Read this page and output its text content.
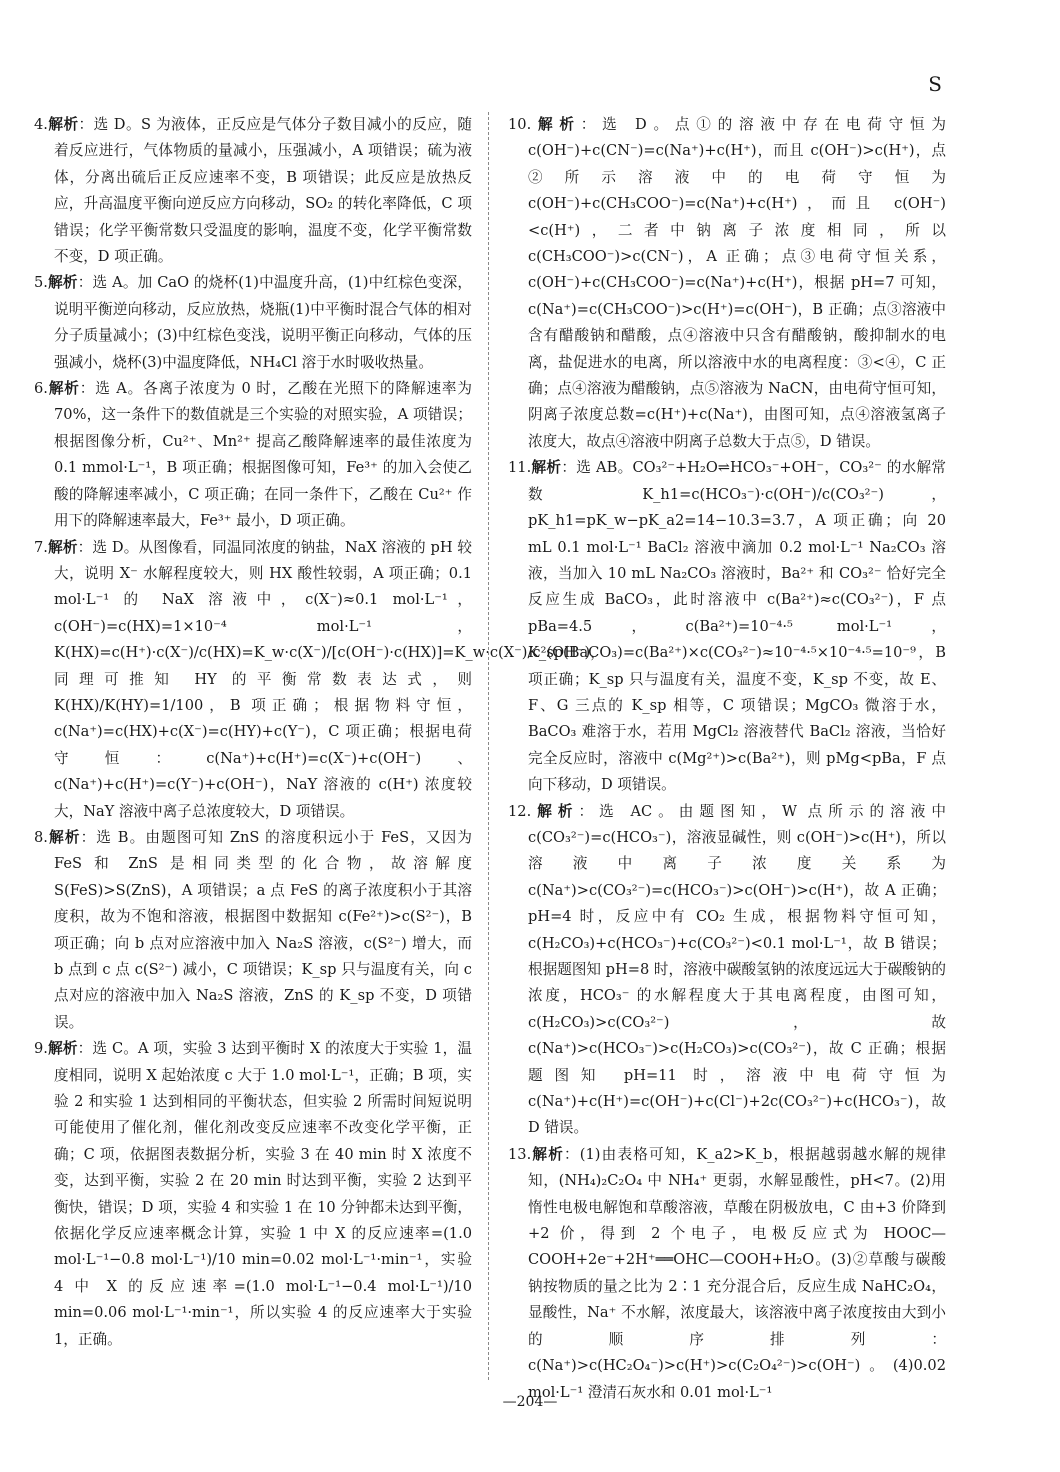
S

4.解析：选 D。S 为液体，正反应是气体分子数目减小的反应，随着反应进行，气体物质的量减小，压强减小，A 项错误；硫为液体，分离出硫后正反应速率不变，B 项错误；此反应是放热反应，升高温度平衡向逆反应方向移动，SO₂ 的转化率降低，C 项错误；化学平衡常数只受温度的影响，温度不变，化学平衡常数不变，D 项正确。

5.解析：选 A。加 CaO 的烧杯(1)中温度升高，(1)中红棕色变深，说明平衡逆向移动，反应放热，烧瓶(1)中平衡时混合气体的相对分子质量减小；(3)中红棕色变浅，说明平衡正向移动，气体的压强减小，烧杯(3)中温度降低，NH₄Cl 溶于水时吸收热量。

6.解析：选 A。各离子浓度为 0 时，乙酸在光照下的降解速率为 70%，这一条件下的数值就是三个实验的对照实验，A 项错误；根据图像分析，Cu²⁺、Mn²⁺ 提高乙酸降解速率的最佳浓度为 0.1 mmol·L⁻¹，B 项正确；根据图像可知，Fe³⁺ 的加入会使乙酸的降解速率减小，C 项正确；在同一条件下，乙酸在 Cu²⁺ 作用下的降解速率最大，Fe³⁺ 最小，D 项正确。

7.解析：选 D。从图像看，同温同浓度的钠盐，NaX 溶液的 pH 较大，说明 X⁻ 水解程度较大，则 HX 酸性较弱，A 项正确；0.1 mol·L⁻¹ 的 NaX 溶液中，c(X⁻)≈0.1 mol·L⁻¹，c(OH⁻)=c(HX)=1×10⁻⁴ mol·L⁻¹，K(HX)=c(H⁺)·c(X⁻)/c(HX)=K_w·c(X⁻)/[c(OH⁻)·c(HX)]=K_w·c(X⁻)/c²(OH⁻)，同理可推知 HY 的平衡常数表达式，则 K(HX)/K(HY)=1/100，B 项正确；根据物料守恒，c(Na⁺)=c(HX)+c(X⁻)=c(HY)+c(Y⁻)，C 项正确；根据电荷守恒：c(Na⁺)+c(H⁺)=c(X⁻)+c(OH⁻)、c(Na⁺)+c(H⁺)=c(Y⁻)+c(OH⁻)，NaY 溶液的 c(H⁺) 浓度较大，NaY 溶液中离子总浓度较大，D 项错误。

8.解析：选 B。由题图可知 ZnS 的溶度积远小于 FeS，又因为 FeS 和 ZnS 是相同类型的化合物，故溶解度 S(FeS)>S(ZnS)，A 项错误；a 点 FeS 的离子浓度积小于其溶度积，故为不饱和溶液，根据图中数据知 c(Fe²⁺)>c(S²⁻)，B 项正确；向 b 点对应溶液中加入 Na₂S 溶液，c(S²⁻) 增大，而 b 点到 c 点 c(S²⁻) 减小，C 项错误；K_sp 只与温度有关，向 c 点对应的溶液中加入 Na₂S 溶液，ZnS 的 K_sp 不变，D 项错误。

9.解析：选 C。A 项，实验 3 达到平衡时 X 的浓度大于实验 1，温度相同，说明 X 起始浓度 c 大于 1.0 mol·L⁻¹，正确；B 项，实验 2 和实验 1 达到相同的平衡状态，但实验 2 所需时间短说明可能使用了催化剂，催化剂改变反应速率不改变化学平衡，正确；C 项，依据图表数据分析，实验 3 在 40 min 时 X 浓度不变，达到平衡，实验 2 在 20 min 时达到平衡，实验 2 达到平衡快，错误；D 项，实验 4 和实验 1 在 10 分钟都未达到平衡，依据化学反应速率概念计算，实验 1 中 X 的反应速率=(1.0 mol·L⁻¹−0.8 mol·L⁻¹)/10 min=0.02 mol·L⁻¹·min⁻¹，实验 4 中 X 的反应速率=(1.0 mol·L⁻¹−0.4 mol·L⁻¹)/10 min=0.06 mol·L⁻¹·min⁻¹，所以实验 4 的反应速率大于实验 1，正确。

10.解析：选 D。点①的溶液中存在电荷守恒为 c(OH⁻)+c(CN⁻)=c(Na⁺)+c(H⁺)，而且 c(OH⁻)>c(H⁺)，点②所示溶液中的电荷守恒为 c(OH⁻)+c(CH₃COO⁻)=c(Na⁺)+c(H⁺)，而且 c(OH⁻)<c(H⁺)，二者中钠离子浓度相同，所以 c(CH₃COO⁻)>c(CN⁻)，A 正确；点③电荷守恒关系，c(OH⁻)+c(CH₃COO⁻)=c(Na⁺)+c(H⁺)，根据 pH=7 可知，c(Na⁺)=c(CH₃COO⁻)>c(H⁺)=c(OH⁻)，B 正确；点③溶液中含有醋酸钠和醋酸，点④溶液中只含有醋酸钠，酸抑制水的电离，盐促进水的电离，所以溶液中水的电离程度：③<④，C 正确；点④溶液为醋酸钠，点⑤溶液为 NaCN，由电荷守恒可知，阴离子浓度总数=c(H⁺)+c(Na⁺)，由图可知，点④溶液氢离子浓度大，故点④溶液中阴离子总数大于点⑤，D 错误。

11.解析：选 AB。CO₃²⁻+H₂O⇌HCO₃⁻+OH⁻，CO₃²⁻ 的水解常数 K_h1=c(HCO₃⁻)·c(OH⁻)/c(CO₃²⁻)，pK_h1=pK_w−pK_a2=14−10.3=3.7，A 项正确；向 20 mL 0.1 mol·L⁻¹ BaCl₂ 溶液中滴加 0.2 mol·L⁻¹ Na₂CO₃ 溶液，当加入 10 mL Na₂CO₃ 溶液时，Ba²⁺ 和 CO₃²⁻ 恰好完全反应生成 BaCO₃，此时溶液中 c(Ba²⁺)≈c(CO₃²⁻)，F 点 pBa=4.5，c(Ba²⁺)=10⁻⁴·⁵ mol·L⁻¹，K_sp(BaCO₃)=c(Ba²⁺)×c(CO₃²⁻)≈10⁻⁴·⁵×10⁻⁴·⁵=10⁻⁹，B 项正确；K_sp 只与温度有关，温度不变，K_sp 不变，故 E、F、G 三点的 K_sp 相等，C 项错误；MgCO₃ 微溶于水，BaCO₃ 难溶于水，若用 MgCl₂ 溶液替代 BaCl₂ 溶液，当恰好完全反应时，溶液中 c(Mg²⁺)>c(Ba²⁺)，则 pMg<pBa，F 点向下移动，D 项错误。

12.解析：选 AC。由题图知，W 点所示的溶液中 c(CO₃²⁻)=c(HCO₃⁻)，溶液显碱性，则 c(OH⁻)>c(H⁺)，所以溶液中离子浓度关系为 c(Na⁺)>c(CO₃²⁻)=c(HCO₃⁻)>c(OH⁻)>c(H⁺)，故 A 正确；pH=4 时，反应中有 CO₂ 生成，根据物料守恒可知，c(H₂CO₃)+c(HCO₃⁻)+c(CO₃²⁻)<0.1 mol·L⁻¹，故 B 错误；根据题图知 pH=8 时，溶液中碳酸氢钠的浓度远远大于碳酸钠的浓度，HCO₃⁻ 的水解程度大于其电离程度，由图可知，c(H₂CO₃)>c(CO₃²⁻)，故 c(Na⁺)>c(HCO₃⁻)>c(H₂CO₃)>c(CO₃²⁻)，故 C 正确；根据题图知 pH=11 时，溶液中电荷守恒为 c(Na⁺)+c(H⁺)=c(OH⁻)+c(Cl⁻)+2c(CO₃²⁻)+c(HCO₃⁻)，故 D 错误。

13.解析：(1)由表格可知，K_a2>K_b，根据越弱越水解的规律知，(NH₄)₂C₂O₄ 中 NH₄⁺ 更弱，水解显酸性，pH<7。(2)用惰性电极电解饱和草酸溶液，草酸在阴极放电，C 由+3 价降到+2 价，得到 2 个电子，电极反应式为 HOOC—COOH+2e⁻+2H⁺══OHC—COOH+H₂O。(3)②草酸与碳酸钠按物质的量之比为 2∶1 充分混合后，反应生成 NaHC₂O₄，显酸性，Na⁺ 不水解，浓度最大，该溶液中离子浓度按由大到小的顺序排列：c(Na⁺)>c(HC₂O₄⁻)>c(H⁺)>c(C₂O₄²⁻)>c(OH⁻)。(4)0.02 mol·L⁻¹ 澄清石灰水和 0.01 mol·L⁻¹

—204—
